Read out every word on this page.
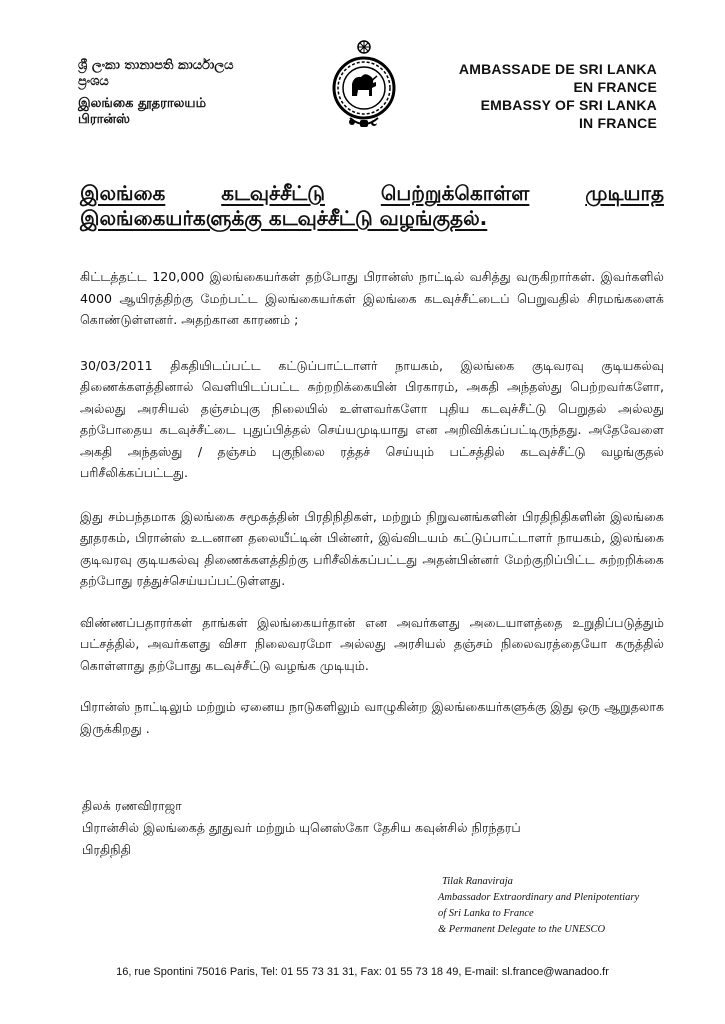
ශ්‍රී ලංකා තානාපති කාර්යාලය
ප්‍රංශය
இலங்கை தூதராலயம்
பிரான்ஸ்
AMBASSADE DE SRI LANKA
EN FRANCE
EMBASSY OF SRI LANKA
IN FRANCE
இலங்கை	கடவுச்சீட்டு	பெற்றுக்கொள்ள	முடியாத
இலங்கையர்களுக்கு கடவுச்சீட்டு வழங்குதல்.

கிட்டத்தட்ட 120,000 இலங்கையர்கள் தற்போது பிரான்ஸ் நாட்டில் வசித்து வருகிறார்கள். இவர்களில் 4000 ஆயிரத்திற்கு மேற்பட்ட இலங்கையர்கள் இலங்கை கடவுச்சீட்டைப் பெறுவதில் சிரமங்களைக் கொண்டுள்ளனர். அதற்கான காரணம் ;

30/03/2011 திகதியிடப்பட்ட கட்டுப்பாட்டாளர் நாயகம், இலங்கை குடிவரவு குடியகல்வு திணைக்களத்தினால் வெளியிடப்பட்ட சுற்றறிக்கையின் பிரகாரம், அகதி அந்தஸ்து பெற்றவர்களோ, அல்லது அரசியல் தஞ்சம்புகு நிலையில் உள்ளவர்களோ புதிய கடவுச்சீட்டு பெறுதல் அல்லது தற்போதைய கடவுச்சீட்டை புதுப்பித்தல் செய்யமுடியாது என அறிவிக்கப்பட்டிருந்தது. அதேவேளை அகதி அந்தஸ்து / தஞ்சம் புகுநிலை ரத்தச் செய்யும் பட்சத்தில் கடவுச்சீட்டு வழங்குதல் பரிசீலிக்கப்பட்டது.

இது சம்பந்தமாக இலங்கை சமூகத்தின் பிரதிநிதிகள், மற்றும் நிறுவனங்களின் பிரதிநிதிகளின் இலங்கை தூதரகம், பிரான்ஸ் உடனான தலையீட்டின் பின்னர், இவ்விடயம் கட்டுப்பாட்டாளர் நாயகம், இலங்கை குடிவரவு குடியகல்வு திணைக்களத்திற்கு பரிசீலிக்கப்பட்டது அதன்பின்னர் மேற்குறிப்பிட்ட சுற்றறிக்கை தற்போது ரத்துச்செய்யப்பட்டுள்ளது.

விண்ணப்பதாரர்கள் தாங்கள் இலங்கையர்தான் என அவர்களது அடையாளத்தை உறுதிப்படுத்தும் பட்சத்தில், அவர்களது விசா நிலைவரமோ அல்லது அரசியல் தஞ்சம் நிலைவரத்தையோ கருத்தில் கொள்ளாது தற்போது கடவுச்சீட்டு வழங்க முடியும்.

பிரான்ஸ் நாட்டிலும் மற்றும் ஏனைய நாடுகளிலும் வாழுகின்ற இலங்கையர்களுக்கு இது ஒரு ஆறுதலாக இருக்கிறது .

திலக் ரணவிராஜா
பிரான்சில் இலங்கைத் தூதுவர் மற்றும் யுனெஸ்கோ தேசிய கவுன்சில் நிரந்தரப்
பிரதிநிதி
Tilak Ranaviraja
Ambassador Extraordinary and Plenipotentiary
of Sri Lanka to France
& Permanent Delegate to the UNESCO
16, rue Spontini 75016 Paris, Tel: 01 55 73 31 31, Fax: 01 55 73 18 49, E-mail: sl.france@wanadoo.fr
